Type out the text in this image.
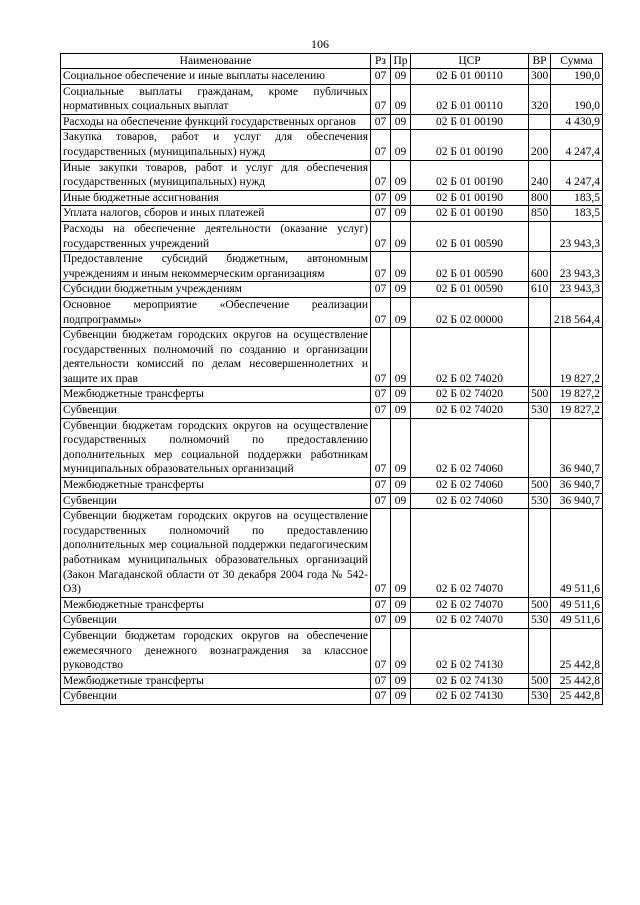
106
Наименование	Рз	Пр	ЦСР	ВР	Сумма
Социальное обеспечение и иные выплаты населению	07	09	02 Б 01 00110	300	190,0
Социальные выплаты гражданам, кроме публичных нормативных социальных выплат	07	09	02 Б 01 00110	320	190,0
Расходы на обеспечение функций государственных органов	07	09	02 Б 01 00190		4 430,9
Закупка товаров, работ и услуг для обеспечения государственных (муниципальных) нужд	07	09	02 Б 01 00190	200	4 247,4
Иные закупки товаров, работ и услуг для обеспечения государственных (муниципальных) нужд	07	09	02 Б 01 00190	240	4 247,4
Иные бюджетные ассигнования	07	09	02 Б 01 00190	800	183,5
Уплата налогов, сборов и иных платежей	07	09	02 Б 01 00190	850	183,5
Расходы на обеспечение деятельности (оказание услуг) государственных учреждений	07	09	02 Б 01 00590		23 943,3
Предоставление субсидий бюджетным, автономным учреждениям и иным некоммерческим организациям	07	09	02 Б 01 00590	600	23 943,3
Субсидии бюджетным учреждениям	07	09	02 Б 01 00590	610	23 943,3
Основное мероприятие «Обеспечение реализации подпрограммы»	07	09	02 Б 02 00000		218 564,4
Субвенции бюджетам городских округов на осуществление государственных полномочий по созданию и организации деятельности комиссий по делам несовершеннолетних и защите их прав	07	09	02 Б 02 74020		19 827,2
Межбюджетные трансферты	07	09	02 Б 02 74020	500	19 827,2
Субвенции	07	09	02 Б 02 74020	530	19 827,2
Субвенции бюджетам городских округов на осуществление государственных полномочий по предоставлению дополнительных мер социальной поддержки работникам муниципальных образовательных организаций	07	09	02 Б 02 74060		36 940,7
Межбюджетные трансферты	07	09	02 Б 02 74060	500	36 940,7
Субвенции	07	09	02 Б 02 74060	530	36 940,7
Субвенции бюджетам городских округов на осуществление государственных полномочий по предоставлению дополнительных мер социальной поддержки педагогическим работникам муниципальных образовательных организаций (Закон Магаданской области от 30 декабря 2004 года № 542-ОЗ)	07	09	02 Б 02 74070		49 511,6
Межбюджетные трансферты	07	09	02 Б 02 74070	500	49 511,6
Субвенции	07	09	02 Б 02 74070	530	49 511,6
Субвенции бюджетам городских округов на обеспечение ежемесячного денежного вознаграждения за классное руководство	07	09	02 Б 02 74130		25 442,8
Межбюджетные трансферты	07	09	02 Б 02 74130	500	25 442,8
Субвенции	07	09	02 Б 02 74130	530	25 442,8
